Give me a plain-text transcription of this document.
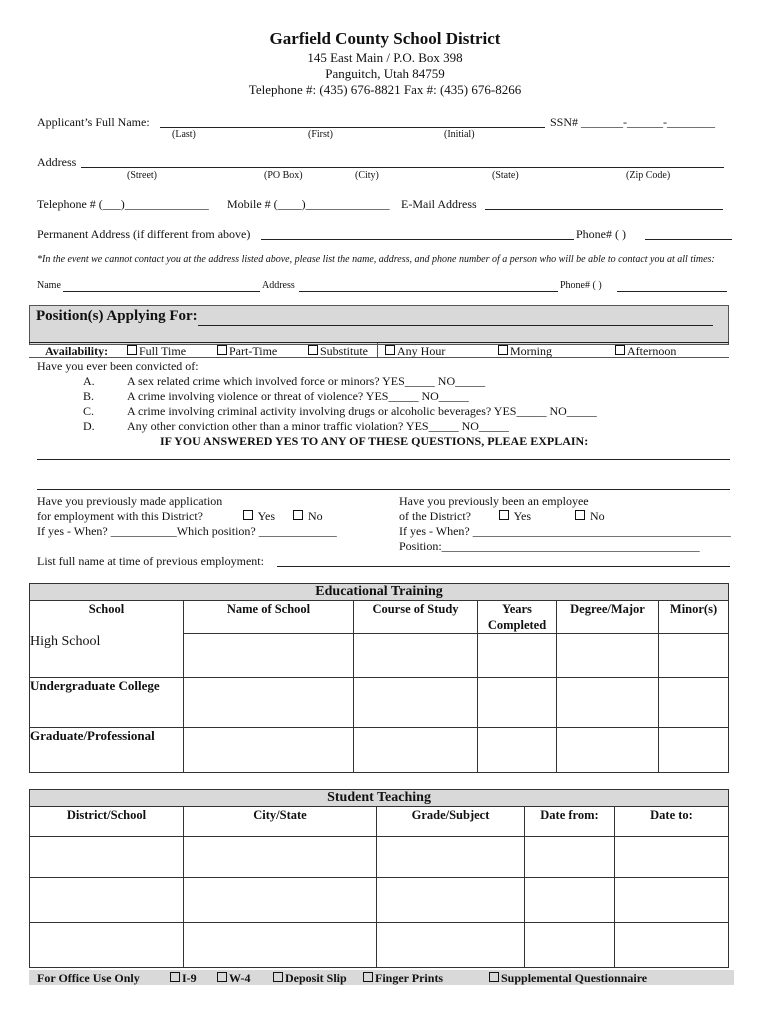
Garfield County School District
145 East Main / P.O. Box 398
Panguitch, Utah 84759
Telephone #: (435) 676-8821 Fax #: (435) 676-8266
Applicant’s Full Name:	SSN# _______-______-________
(Last)	(First)	(Initial)
Address
(Street)	(PO Box)	(City)	(State)	(Zip Code)
Telephone # (___)______________ Mobile # (____)______________ E-Mail Address
Permanent Address (if different from above)	Phone# ( )
*In the event we cannot contact you at the address listed above, please list the name, address, and phone number of a person who will be able to contact you at all times:
Name	Address	Phone# ( )
Position(s) Applying For:
Availability:	Full Time	Part-Time	Substitute	Any Hour	Morning	Afternoon
Have you ever been convicted of:
A.	A sex related crime which involved force or minors? YES_____ NO_____
B.	A crime involving violence or threat of violence? YES_____ NO_____
C.	A crime involving criminal activity involving drugs or alcoholic beverages? YES_____ NO_____
D.	Any other conviction other than a minor traffic violation? YES_____ NO_____
IF YOU ANSWERED YES TO ANY OF THESE QUESTIONS, PLEAE EXPLAIN:
Have you previously made application
for employment with this District?	Yes	No
If yes - When? ___________Which position? _____________
Have you previously been an employee
of the District?	Yes	No
If yes - When? ___________________________________________
Position:___________________________________________
List full name at time of previous employment:
Educational Training					
School	Name of School	Course of Study	Years Completed	Degree/Major	Minor(s)
High School					
Undergraduate College					
Graduate/Professional					
Student Teaching				
District/School	City/State	Grade/Subject	Date from:	Date to:

For Office Use Only	I-9	W-4	Deposit Slip	Finger Prints	Supplemental Questionnaire
